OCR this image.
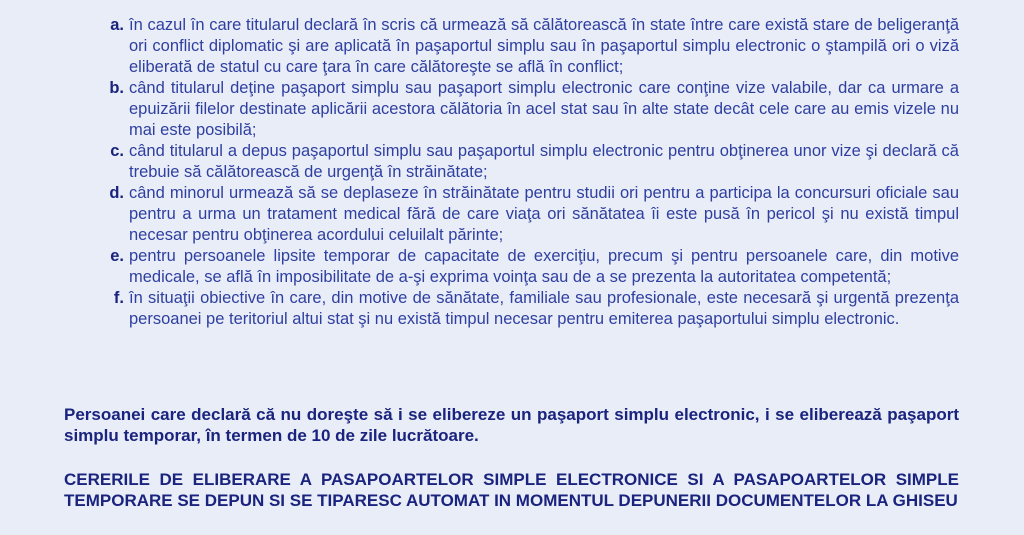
a. în cazul în care titularul declară în scris că urmează să călătorească în state între care există stare de beligeranţă ori conflict diplomatic şi are aplicată în paşaportul simplu sau în paşaportul simplu electronic o ştampilă ori o viză eliberată de statul cu care ţara în care călătoreşte se află în conflict;
b. când titularul deţine paşaport simplu sau paşaport simplu electronic care conţine vize valabile, dar ca urmare a epuizării filelor destinate aplicării acestora călătoria în acel stat sau în alte state decât cele care au emis vizele nu mai este posibilă;
c. când titularul a depus paşaportul simplu sau paşaportul simplu electronic pentru obţinerea unor vize şi declară că trebuie să călătorească de urgenţă în străinătate;
d. când minorul urmează să se deplaseze în străinătate pentru studii ori pentru a participa la concursuri oficiale sau pentru a urma un tratament medical fără de care viaţa ori sănătatea îi este pusă în pericol şi nu există timpul necesar pentru obţinerea acordului celuilalt părinte;
e. pentru persoanele lipsite temporar de capacitate de exerciţiu, precum şi pentru persoanele care, din motive medicale, se află în imposibilitate de a-şi exprima voinţa sau de a se prezenta la autoritatea competentă;
f. în situaţii obiective în care, din motive de sănătate, familiale sau profesionale, este necesară şi urgentă prezenţa persoanei pe teritoriul altui stat şi nu există timpul necesar pentru emiterea paşaportului simplu electronic.
Persoanei care declară că nu doreşte să i se elibereze un paşaport simplu electronic, i se eliberează paşaport simplu temporar, în termen de 10 de zile lucrătoare.
CERERILE DE ELIBERARE A PASAPOARTELOR SIMPLE ELECTRONICE SI A PASAPOARTELOR SIMPLE TEMPORARE SE DEPUN SI SE TIPARESC AUTOMAT IN MOMENTUL DEPUNERII DOCUMENTELOR LA GHISEU
